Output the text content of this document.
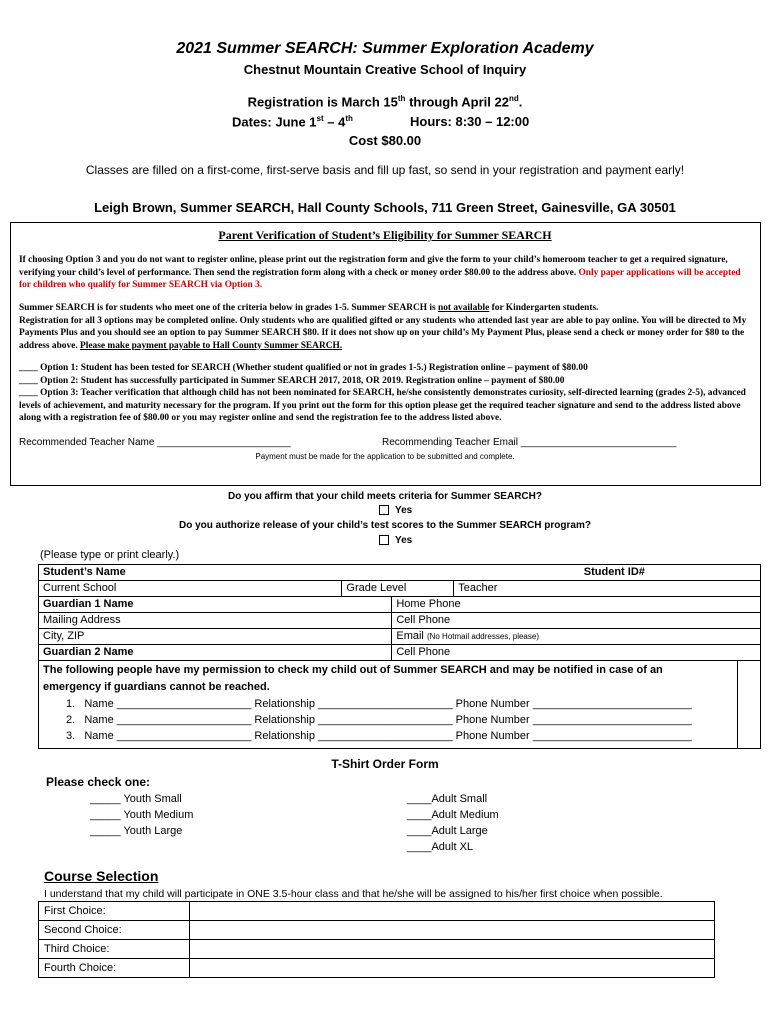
2021 Summer SEARCH: Summer Exploration Academy
Chestnut Mountain Creative School of Inquiry
Registration is March 15th through April 22nd.
Dates: June 1st – 4th	Hours: 8:30 – 12:00
Cost $80.00
Classes are filled on a first-come, first-serve basis and fill up fast, so send in your registration and payment early!
Leigh Brown, Summer SEARCH, Hall County Schools, 711 Green Street, Gainesville, GA 30501
Parent Verification of Student’s Eligibility for Summer SEARCH
If choosing Option 3 and you do not want to register online, please print out the registration form and give the form to your child’s homeroom teacher to get a required signature, verifying your child’s level of performance. Then send the registration form along with a check or money order $80.00 to the address above. Only paper applications will be accepted for children who qualify for Summer SEARCH via Option 3.
Summer SEARCH is for students who meet one of the criteria below in grades 1-5. Summer SEARCH is not available for Kindergarten students.
Registration for all 3 options may be completed online. Only students who are qualified gifted or any students who attended last year are able to pay online. You will be directed to My Payments Plus and you should see an option to pay Summer SEARCH $80. If it does not show up on your child’s My Payment Plus, please send a check or money order for $80 to the address above. Please make payment payable to Hall County Summer SEARCH.
____ Option 1: Student has been tested for SEARCH (Whether student qualified or not in grades 1-5.) Registration online – payment of $80.00
____ Option 2: Student has successfully participated in Summer SEARCH 2017, 2018, OR 2019. Registration online – payment of $80.00
____ Option 3: Teacher verification that although child has not been nominated for SEARCH, he/she consistently demonstrates curiosity, self-directed learning (grades 2-5), advanced levels of achievement, and maturity necessary for the program. If you print out the form for this option please get the required teacher signature and send to the address listed above along with a registration fee of $80.00 or you may register online and send the registration fee to the address listed above.
Recommended Teacher Name ________________________	Recommending Teacher Email ____________________________
Payment must be made for the application to be submitted and complete.
Do you affirm that your child meets criteria for Summer SEARCH?
Yes
Do you authorize release of your child’s test scores to the Summer SEARCH program?
Yes
(Please type or print clearly.)
Student’s Name			Student ID#
Current School	Grade Level		Teacher
Guardian 1 Name		Home Phone	
Mailing Address		Cell Phone	
City, ZIP		Email (No Hotmail addresses, please)	
Guardian 2 Name		Cell Phone	

The following people have my permission to check my child out of Summer SEARCH and may be notified in case of an emergency if guardians cannot be reached.
1. Name ______________________ Relationship ______________________ Phone Number __________________________
2. Name ______________________ Relationship ______________________ Phone Number __________________________
3. Name ______________________ Relationship ______________________ Phone Number __________________________			
T-Shirt Order Form
Please check one:
_____ Youth Small
_____ Youth Medium
_____ Youth Large
____Adult Small
____Adult Medium
____Adult Large
____Adult XL
Course Selection
I understand that my child will participate in ONE 3.5-hour class and that he/she will be assigned to his/her first choice when possible.
First Choice:	
Second Choice:	
Third Choice:	
Fourth Choice:	
